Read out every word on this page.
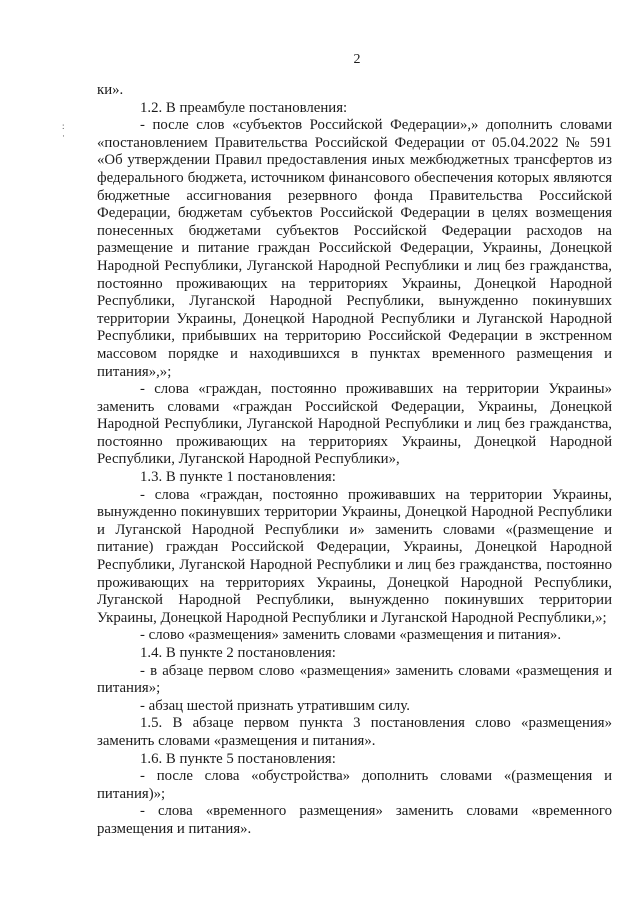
2
:
·

ки».

1.2. В преамбуле постановления:

- после слов «субъектов Российской Федерации»,» дополнить словами «постановлением Правительства Российской Федерации от 05.04.2022 № 591 «Об утверждении Правил предоставления иных межбюджетных трансфертов из федерального бюджета, источником финансового обеспечения которых являются бюджетные ассигнования резервного фонда Правительства Российской Федерации, бюджетам субъектов Российской Федерации в целях возмещения понесенных бюджетами субъектов Российской Федерации расходов на размещение и питание граждан Российской Федерации, Украины, Донецкой Народной Республики, Луганской Народной Республики и лиц без гражданства, постоянно проживающих на территориях Украины, Донецкой Народной Республики, Луганской Народной Республики, вынужденно покинувших территории Украины, Донецкой Народной Республики и Луганской Народной Республики, прибывших на территорию Российской Федерации в экстренном массовом порядке и находившихся в пунктах временного размещения и питания»,»;

- слова «граждан, постоянно проживавших на территории Украины» заменить словами «граждан Российской Федерации, Украины, Донецкой Народной Республики, Луганской Народной Республики и лиц без гражданства, постоянно проживающих на территориях Украины, Донецкой Народной Республики, Луганской Народной Республики»,

1.3. В пункте 1 постановления:

- слова «граждан, постоянно проживавших на территории Украины, вынужденно покинувших территории Украины, Донецкой Народной Республики и Луганской Народной Республики и» заменить словами «(размещение и питание) граждан Российской Федерации, Украины, Донецкой Народной Республики, Луганской Народной Республики и лиц без гражданства, постоянно проживающих на территориях Украины, Донецкой Народной Республики, Луганской Народной Республики, вынужденно покинувших территории Украины, Донецкой Народной Республики и Луганской Народной Республики,»;

- слово «размещения» заменить словами «размещения и питания».

1.4. В пункте 2 постановления:

- в абзаце первом слово «размещения» заменить словами «размещения и питания»;

- абзац шестой признать утратившим силу.

1.5. В абзаце первом пункта 3 постановления слово «размещения» заменить словами «размещения и питания».

1.6. В пункте 5 постановления:

- после слова «обустройства» дополнить словами «(размещения и питания)»;

- слова «временного размещения» заменить словами «временного размещения и питания».
